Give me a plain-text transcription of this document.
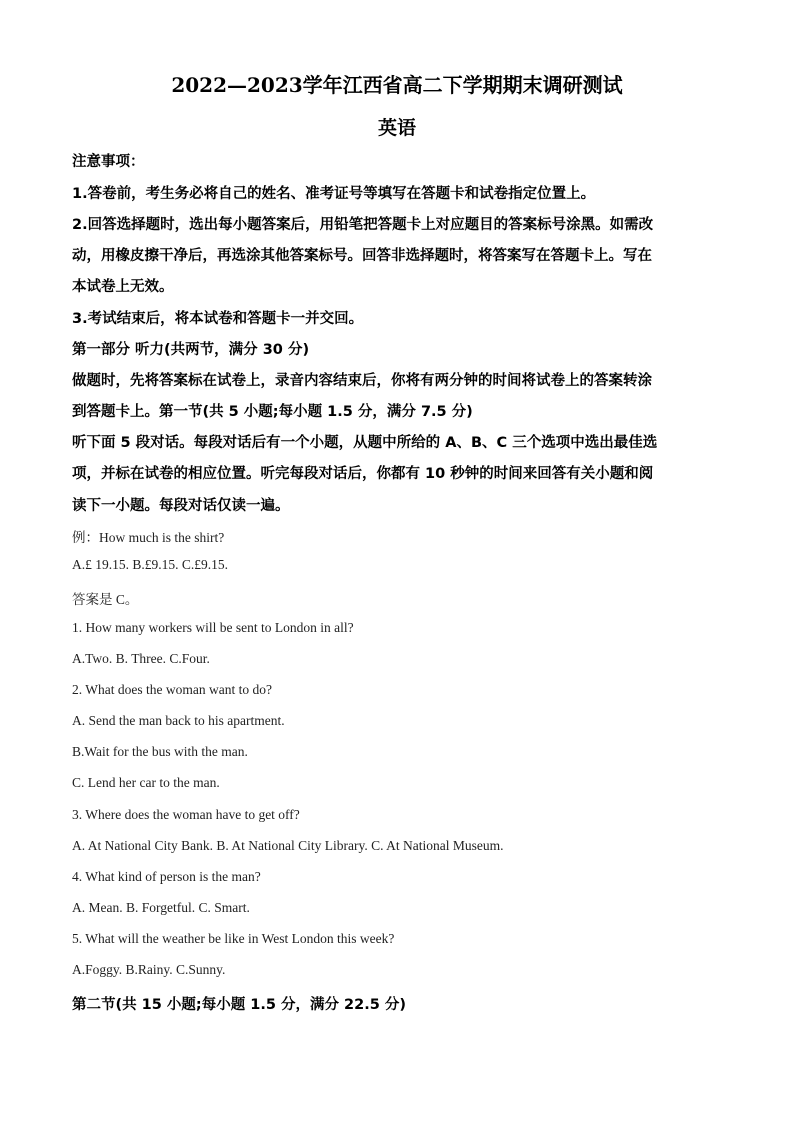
2022—2023学年江西省高二下学期期末调研测试
英语
注意事项：
1.答卷前，考生务必将自己的姓名、准考证号等填写在答题卡和试卷指定位置上。
2.回答选择题时，选出每小题答案后，用铅笔把答题卡上对应题目的答案标号涂黑。如需改
动，用橡皮擦干净后，再选涂其他答案标号。回答非选择题时，将答案写在答题卡上。写在
本试卷上无效。
3.考试结束后，将本试卷和答题卡一并交回。
第一部分 听力(共两节，满分 30 分)
做题时，先将答案标在试卷上，录音内容结束后，你将有两分钟的时间将试卷上的答案转涂
到答题卡上。第一节(共 5 小题;每小题 1.5 分，满分 7.5 分)
听下面 5 段对话。每段对话后有一个小题，从题中所给的 A、B、C 三个选项中选出最佳选
项，并标在试卷的相应位置。听完每段对话后，你都有 10 秒钟的时间来回答有关小题和阅
读下一小题。每段对话仅读一遍。
例：How much is the shirt?
A.£ 19.15. B.£9.15. C.£9.15.
答案是 C。
1. How many workers will be sent to London in all?
A.Two. B. Three. C.Four.
2. What does the woman want to do?
A. Send the man back to his apartment.
B.Wait for the bus with the man.
C. Lend her car to the man.
3. Where does the woman have to get off?
A. At National City Bank. B. At National City Library. C. At National Museum.
4. What kind of person is the man?
A. Mean. B. Forgetful. C. Smart.
5. What will the weather be like in West London this week?
A.Foggy. B.Rainy. C.Sunny.
第二节(共 15 小题;每小题 1.5 分，满分 22.5 分)
